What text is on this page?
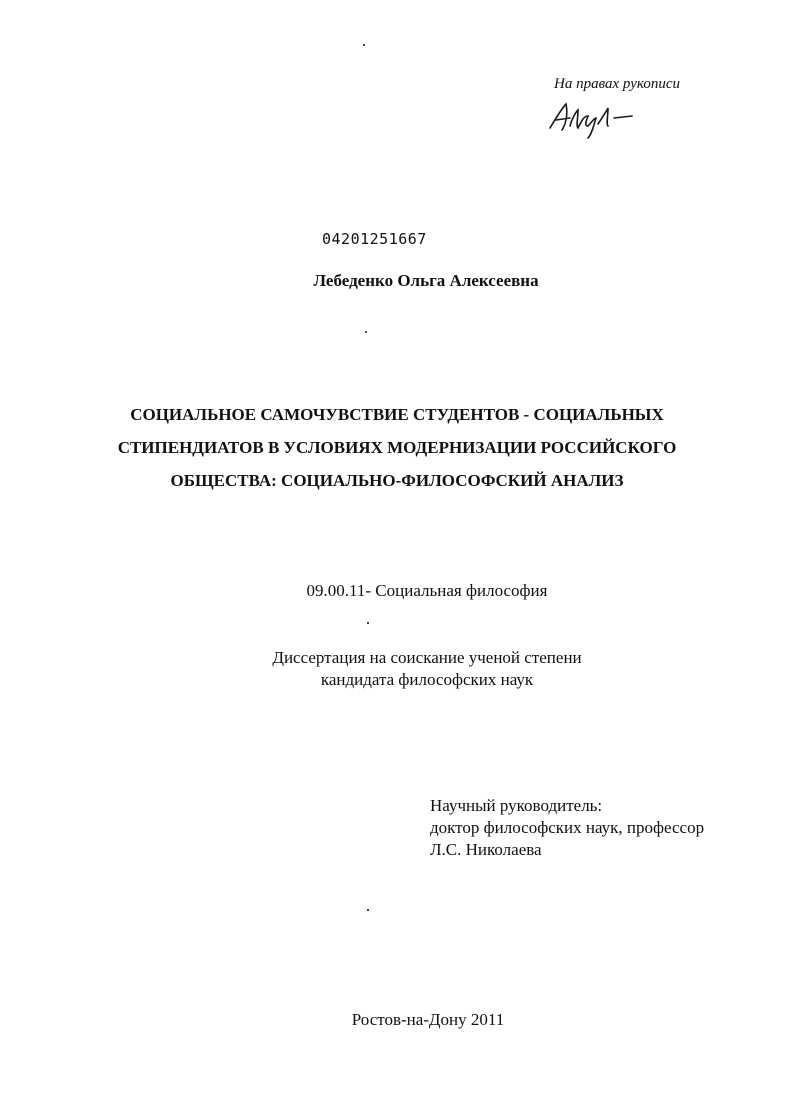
На правах рукописи
04201251667
Лебеденко Ольга Алексеевна
СОЦИАЛЬНОЕ САМОЧУВСТВИЕ СТУДЕНТОВ - СОЦИАЛЬНЫХ
СТИПЕНДИАТОВ В УСЛОВИЯХ МОДЕРНИЗАЦИИ РОССИЙСКОГО
ОБЩЕСТВА: СОЦИАЛЬНО-ФИЛОСОФСКИЙ АНАЛИЗ
09.00.11- Социальная философия
Диссертация на соискание ученой степени
кандидата философских наук
Научный руководитель:
доктор философских наук, профессор
Л.С. Николаева
Ростов-на-Дону 2011
